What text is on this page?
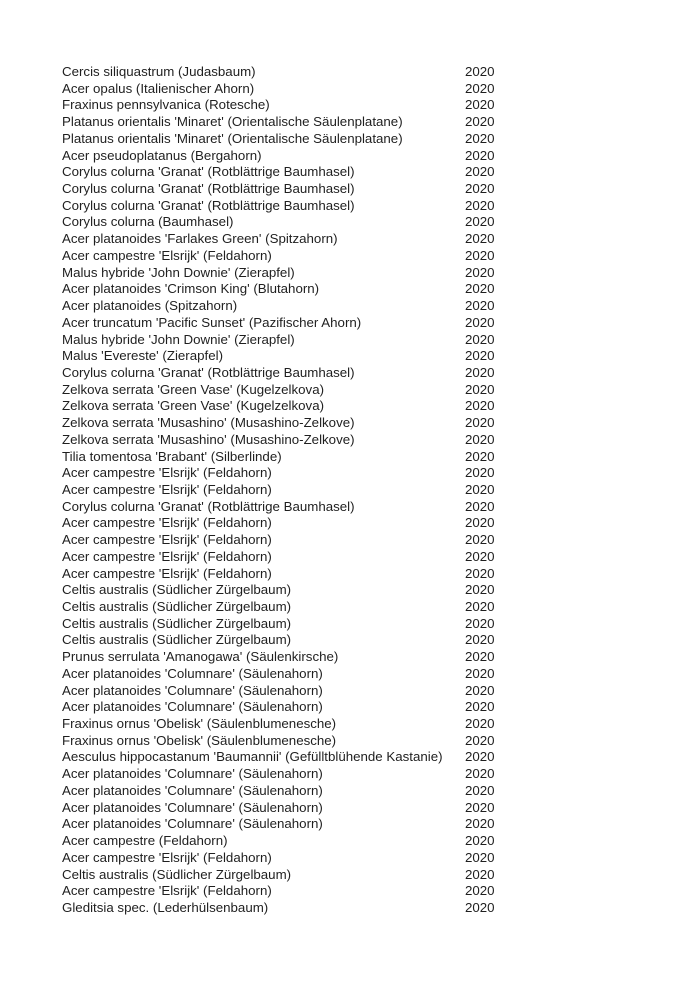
Cercis siliquastrum (Judasbaum)	2020
Acer opalus (Italienischer Ahorn)	2020
Fraxinus pennsylvanica (Rotesche)	2020
Platanus orientalis 'Minaret' (Orientalische Säulenplatane)	2020
Platanus orientalis 'Minaret' (Orientalische Säulenplatane)	2020
Acer pseudoplatanus (Bergahorn)	2020
Corylus colurna 'Granat' (Rotblättrige Baumhasel)	2020
Corylus colurna 'Granat' (Rotblättrige Baumhasel)	2020
Corylus colurna 'Granat' (Rotblättrige Baumhasel)	2020
Corylus colurna (Baumhasel)	2020
Acer platanoides 'Farlakes Green' (Spitzahorn)	2020
Acer campestre 'Elsrijk' (Feldahorn)	2020
Malus hybride 'John Downie' (Zierapfel)	2020
Acer platanoides 'Crimson King' (Blutahorn)	2020
Acer platanoides (Spitzahorn)	2020
Acer truncatum 'Pacific Sunset' (Pazifischer Ahorn)	2020
Malus hybride 'John Downie' (Zierapfel)	2020
Malus 'Evereste' (Zierapfel)	2020
Corylus colurna 'Granat' (Rotblättrige Baumhasel)	2020
Zelkova serrata 'Green Vase' (Kugelzelkova)	2020
Zelkova serrata 'Green Vase' (Kugelzelkova)	2020
Zelkova serrata 'Musashino' (Musashino-Zelkove)	2020
Zelkova serrata 'Musashino' (Musashino-Zelkove)	2020
Tilia tomentosa 'Brabant' (Silberlinde)	2020
Acer campestre 'Elsrijk' (Feldahorn)	2020
Acer campestre 'Elsrijk' (Feldahorn)	2020
Corylus colurna 'Granat' (Rotblättrige Baumhasel)	2020
Acer campestre 'Elsrijk' (Feldahorn)	2020
Acer campestre 'Elsrijk' (Feldahorn)	2020
Acer campestre 'Elsrijk' (Feldahorn)	2020
Acer campestre 'Elsrijk' (Feldahorn)	2020
Celtis australis (Südlicher Zürgelbaum)	2020
Celtis australis (Südlicher Zürgelbaum)	2020
Celtis australis (Südlicher Zürgelbaum)	2020
Celtis australis (Südlicher Zürgelbaum)	2020
Prunus serrulata 'Amanogawa' (Säulenkirsche)	2020
Acer platanoides 'Columnare' (Säulenahorn)	2020
Acer platanoides 'Columnare' (Säulenahorn)	2020
Acer platanoides 'Columnare' (Säulenahorn)	2020
Fraxinus ornus 'Obelisk' (Säulenblumenesche)	2020
Fraxinus ornus 'Obelisk' (Säulenblumenesche)	2020
Aesculus hippocastanum 'Baumannii' (Gefülltblühende Kastanie)	2020
Acer platanoides 'Columnare' (Säulenahorn)	2020
Acer platanoides 'Columnare' (Säulenahorn)	2020
Acer platanoides 'Columnare' (Säulenahorn)	2020
Acer platanoides 'Columnare' (Säulenahorn)	2020
Acer campestre (Feldahorn)	2020
Acer campestre 'Elsrijk' (Feldahorn)	2020
Celtis australis (Südlicher Zürgelbaum)	2020
Acer campestre 'Elsrijk' (Feldahorn)	2020
Gleditsia spec. (Lederhülsenbaum)	2020
